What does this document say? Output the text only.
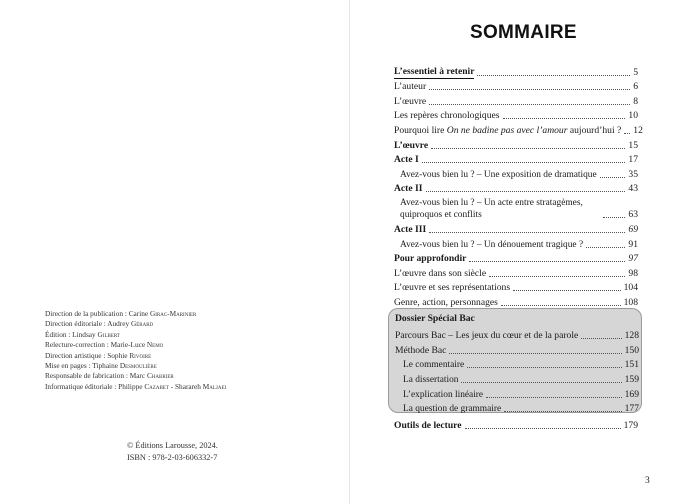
Direction de la publication : Carine Girac-Marinier
Direction éditoriale : Audrey Gérard
Édition : Lindsay Gilbert
Relecture-correction : Marie-Luce Nemo
Direction artistique : Sophie Rivoire
Mise en pages : Tiphaine Desmoulière
Responsable de fabrication : Marc Chabrier
Informatique éditoriale : Philippe Cazabet - Sharareh Maljaei
© Éditions Larousse, 2024.
ISBN : 978-2-03-606332-7
SOMMAIRE
L’essentiel à retenir	5
L’auteur	6
L’œuvre	8
Les repères chronologiques	10
Pourquoi lire On ne badine pas avec l’amour aujourd’hui ? 12
L’œuvre	15
Acte I	17
Avez-vous bien lu ? – Une exposition de dramatique	35
Acte II	43
Avez-vous bien lu ? – Un acte entre stratagèmes, quiproquos et conflits	63
Acte III	69
Avez-vous bien lu ? – Un dénouement tragique ?	91
Pour approfondir	97
L’œuvre dans son siècle	98
L’œuvre et ses représentations	104
Genre, action, personnages	108
Dossier Spécial Bac
Parcours Bac – Les jeux du cœur et de la parole	128
Méthode Bac	150
Le commentaire	151
La dissertation	159
L’explication linéaire	169
La question de grammaire	177
Outils de lecture	179
3
